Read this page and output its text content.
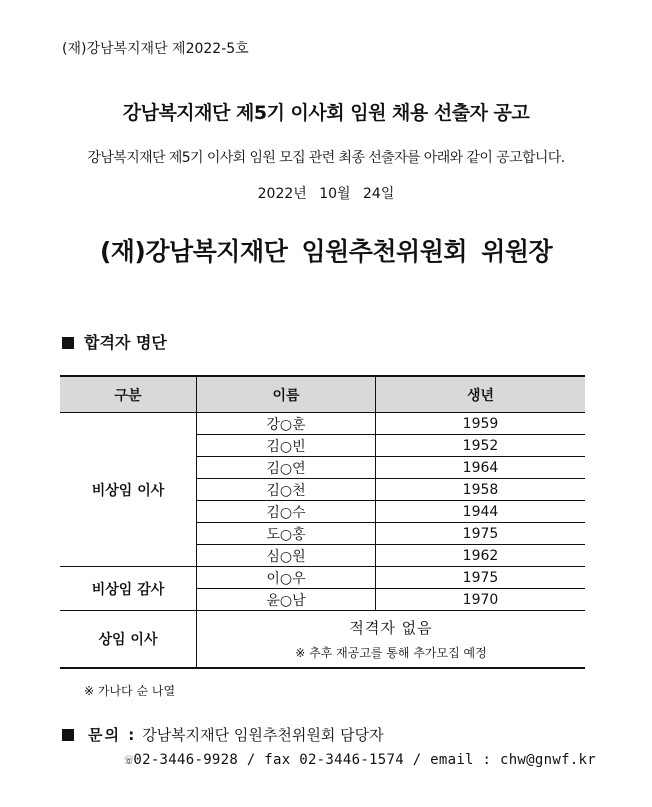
(재)강남복지재단 제2022-5호
강남복지재단 제5기 이사회 임원 채용 선출자 공고
강남복지재단 제5기 이사회 임원 모집 관련 최종 선출자를 아래와 같이 공고합니다.
2022년 10월 24일
(재)강남복지재단 임원추천위원회 위원장
합격자 명단
구분	이름	생년
비상임 이사	강○훈	1959
	김○빈	1952
	김○연	1964
	김○천	1958
	김○수	1944
	도○홍	1975
	심○원	1962
비상임 감사	이○우	1975
	윤○남	1970
상임 이사	적격자 없음
※ 추후 재공고를 통해 추가모집 예정	
※ 가나다 순 나열
문의 : 강남복지재단 임원추천위원회 담당자
☏02-3446-9928 / fax 02-3446-1574 / email : chw@gnwf.kr
